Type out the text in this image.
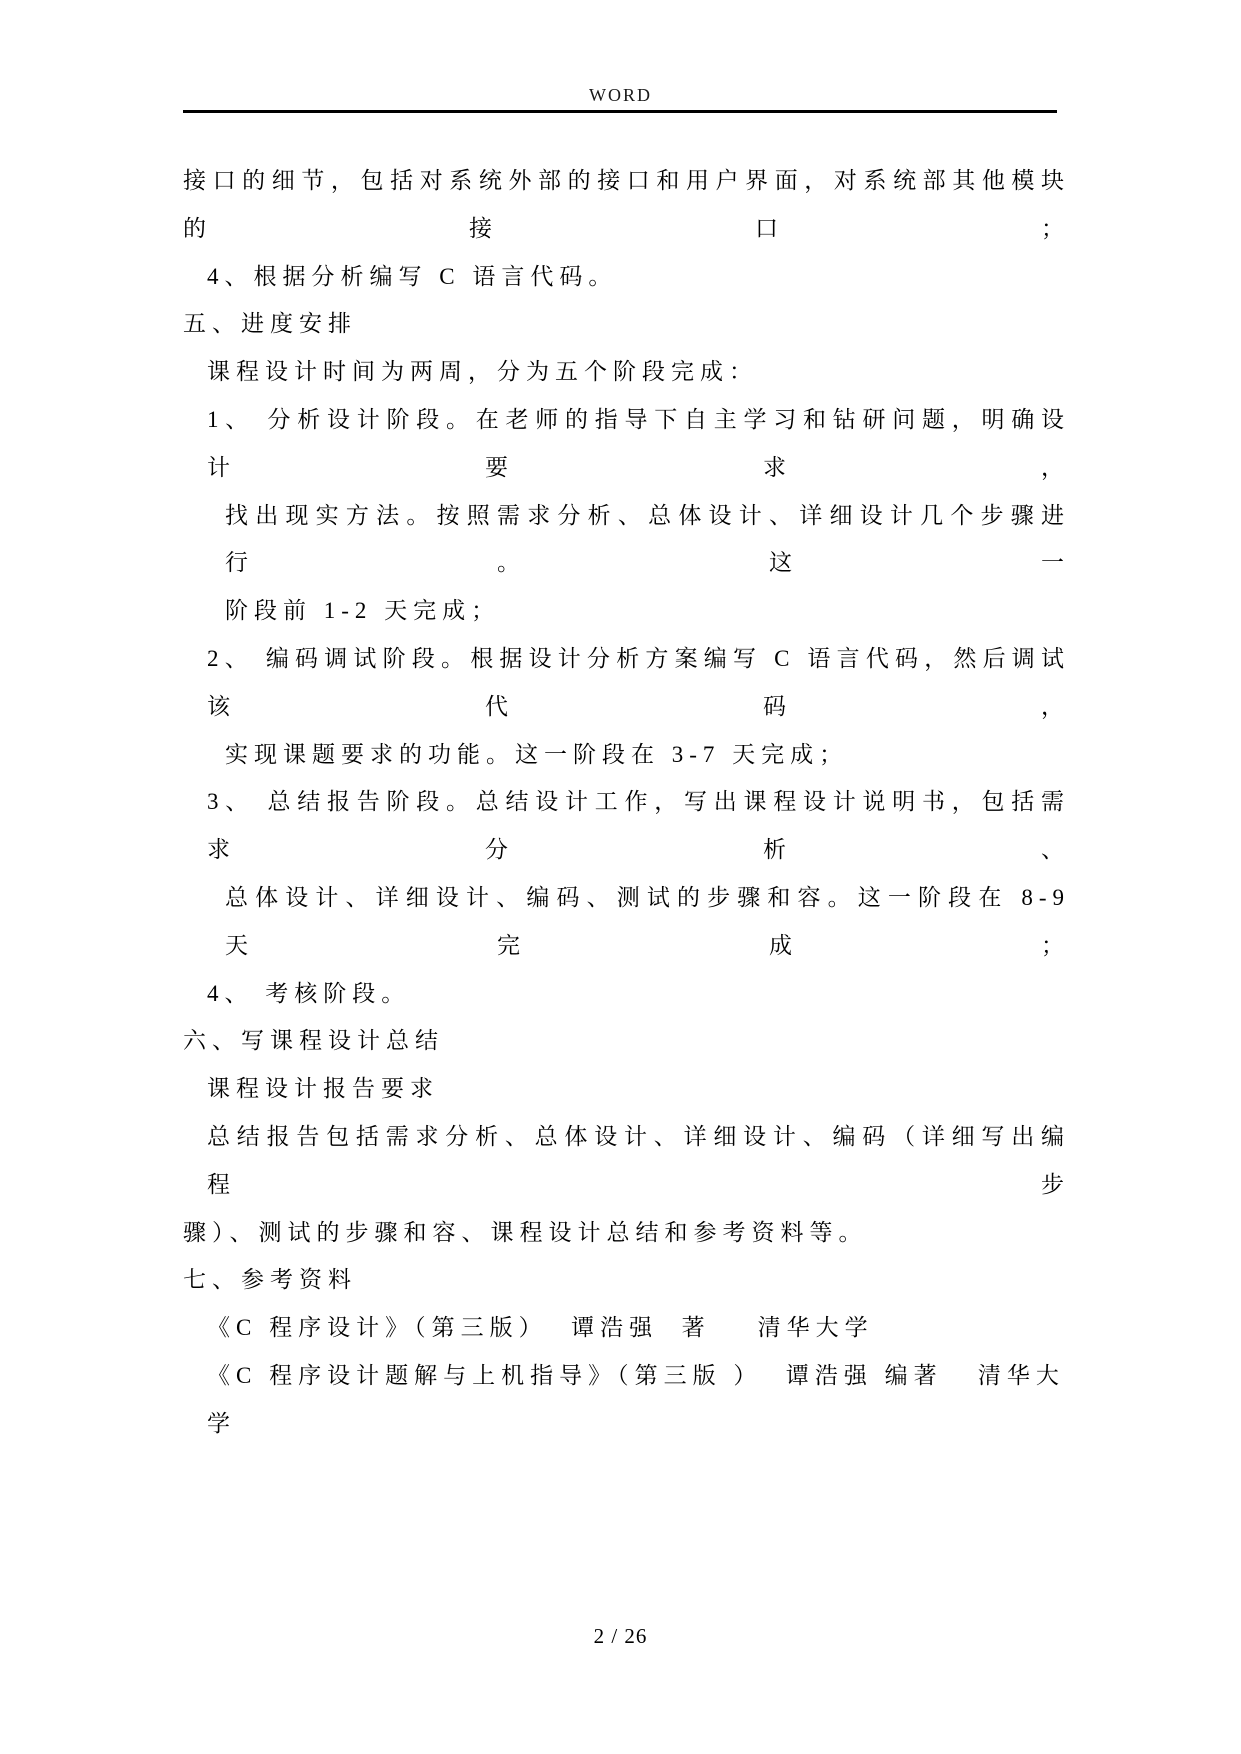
WORD
接口的细节，包括对系统外部的接口和用户界面，对系统部其他模块的接口；
4、根据分析编写 C 语言代码。
五、进度安排
课程设计时间为两周，分为五个阶段完成：
1、 分析设计阶段。在老师的指导下自主学习和钻研问题，明确设计要求，
找出现实方法。按照需求分析、总体设计、详细设计几个步骤进行。这一
阶段前 1-2 天完成；
2、 编码调试阶段。根据设计分析方案编写 C 语言代码，然后调试该代码，
实现课题要求的功能。这一阶段在 3-7 天完成；
3、 总结报告阶段。总结设计工作，写出课程设计说明书，包括需求分析、
总体设计、详细设计、编码、测试的步骤和容。这一阶段在 8-9 天完成；
4、 考核阶段。
六、写课程设计总结
课程设计报告要求
总结报告包括需求分析、总体设计、详细设计、编码（详细写出编程步
骤）、测试的步骤和容、课程设计总结和参考资料等。
七、参考资料
《C 程序设计》（第三版）  谭浩强  著    清华大学
《C 程序设计题解与上机指导》（第三版 ）  谭浩强 编著   清华大学
2 / 26
